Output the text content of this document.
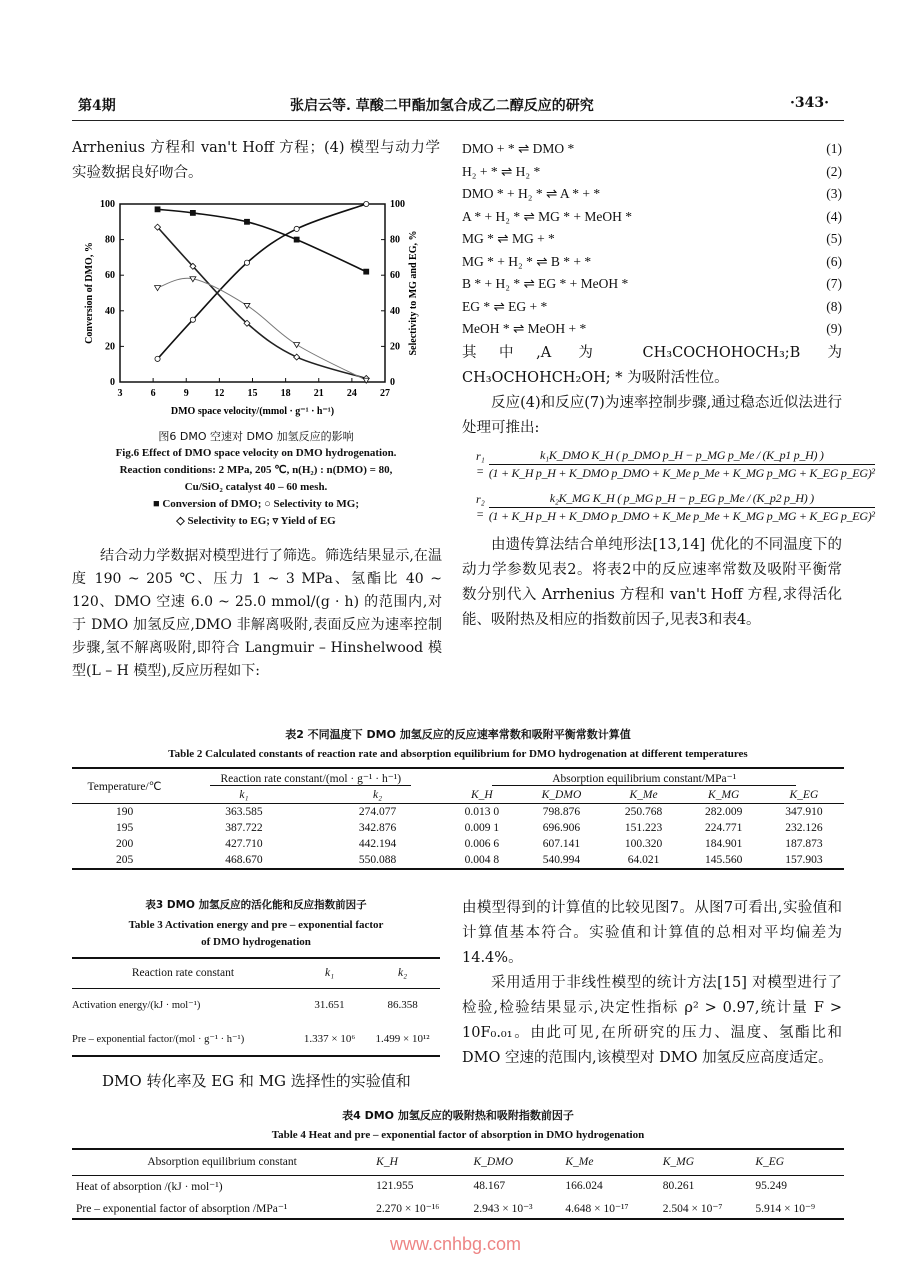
第4期	张启云等. 草酸二甲酯加氢合成乙二醇反应的研究	·343·
Arrhenius 方程和 van't Hoff 方程；(4) 模型与动力学实验数据良好吻合。
3	6	9	12 15 18 21 24 27
0	0
20	20
40	40
60	60
80	80
100	100
DMO space velocity/(mmol · g⁻¹ · h⁻¹)
Conversion of DMO, %	Selectivity to MG and EG, %
图6 DMO 空速对 DMO 加氢反应的影响
Fig.6 Effect of DMO space velocity on DMO hydrogenation.
Reaction conditions: 2 MPa, 205 ℃, n(H₂) : n(DMO) = 80,
Cu/SiO₂ catalyst 40 – 60 mesh.
■ Conversion of DMO; ○ Selectivity to MG;
◇ Selectivity to EG; ▿ Yield of EG
结合动力学数据对模型进行了筛选。筛选结果显示,在温度 190 ~ 205 ℃、压力 1 ~ 3 MPa、氢酯比 40 ~ 120、DMO 空速 6.0 ~ 25.0 mmol/(g · h) 的范围内,对于 DMO 加氢反应,DMO 非解离吸附,表面反应为速率控制步骤,氢不解离吸附,即符合 Langmuir – Hinshelwood 模型(L – H 模型),反应历程如下:
DMO + * ⇌ DMO *	(1)
H₂ + * ⇌ H₂ *	(2)
DMO * + H₂ * ⇌ A * + *	(3)
A * + H₂ * ⇌ MG * + MeOH *	(4)
MG * ⇌ MG + *	(5)
MG * + H₂ * ⇌ B * + *	(6)
B * + H₂ * ⇌ EG * + MeOH *	(7)
EG * ⇌ EG + *	(8)
MeOH * ⇌ MeOH + *	(9)
其中,A 为 CH₃COCHOHOCH₃;B 为 CH₃OCHOHCH₂OH; * 为吸附活性位。
反应(4)和反应(7)为速率控制步骤,通过稳态近似法进行处理可推出:
r₁ =
k₁K_DMO K_H ( p_DMO p_H − p_MG p_Me / (K_p1 p_H) )
(1 + K_H p_H + K_DMO p_DMO + K_Me p_Me + K_MG p_MG + K_EG p_EG)²
r₂ =
k₂K_MG K_H ( p_MG p_H − p_EG p_Me / (K_p2 p_H) )
(1 + K_H p_H + K_DMO p_DMO + K_Me p_Me + K_MG p_MG + K_EG p_EG)²
由遗传算法结合单纯形法[13,14] 优化的不同温度下的动力学参数见表2。将表2中的反应速率常数及吸附平衡常数分别代入 Arrhenius 方程和 van't Hoff 方程,求得活化能、吸附热及相应的指数前因子,见表3和表4。
表2 不同温度下 DMO 加氢反应的反应速率常数和吸附平衡常数计算值
Table 2 Calculated constants of reaction rate and absorption equilibrium for DMO hydrogenation at different temperatures
Temperature/℃	Reaction rate constant/(mol · g⁻¹ · h⁻¹)		Absorption equilibrium constant/MPa⁻¹				
	k₁	k₂	K_H	K_DMO	K_Me	K_MG	K_EG
190	363.585	274.077	0.013 0	798.876	250.768	282.009	347.910
195	387.722	342.876	0.009 1	696.906	151.223	224.771	232.126
200	427.710	442.194	0.006 6	607.141	100.320	184.901	187.873
205	468.670	550.088	0.004 8	540.994	64.021	145.560	157.903
表3 DMO 加氢反应的活化能和反应指数前因子
Table 3 Activation energy and pre – exponential factor
of DMO hydrogenation
Reaction rate constant	k₁	k₂
Activation energy/(kJ · mol⁻¹)	31.651	86.358
Pre – exponential factor/(mol · g⁻¹ · h⁻¹)	1.337 × 10⁶	1.499 × 10¹²
DMO 转化率及 EG 和 MG 选择性的实验值和
由模型得到的计算值的比较见图7。从图7可看出,实验值和计算值基本符合。实验值和计算值的总相对平均偏差为 14.4%。
采用适用于非线性模型的统计方法[15] 对模型进行了检验,检验结果显示,决定性指标 ρ² > 0.97,统计量 F > 10F₀.₀₁。由此可见,在所研究的压力、温度、氢酯比和 DMO 空速的范围内,该模型对 DMO 加氢反应高度适定。
表4 DMO 加氢反应的吸附热和吸附指数前因子
Table 4 Heat and pre – exponential factor of absorption in DMO hydrogenation
Absorption equilibrium constant	K_H	K_DMO	K_Me	K_MG	K_EG
Heat of absorption /(kJ · mol⁻¹)	121.955	48.167	166.024	80.261	95.249
Pre – exponential factor of absorption /MPa⁻¹	2.270 × 10⁻¹⁶	2.943 × 10⁻³	4.648 × 10⁻¹⁷	2.504 × 10⁻⁷	5.914 × 10⁻⁹
www.cnhbg.com
